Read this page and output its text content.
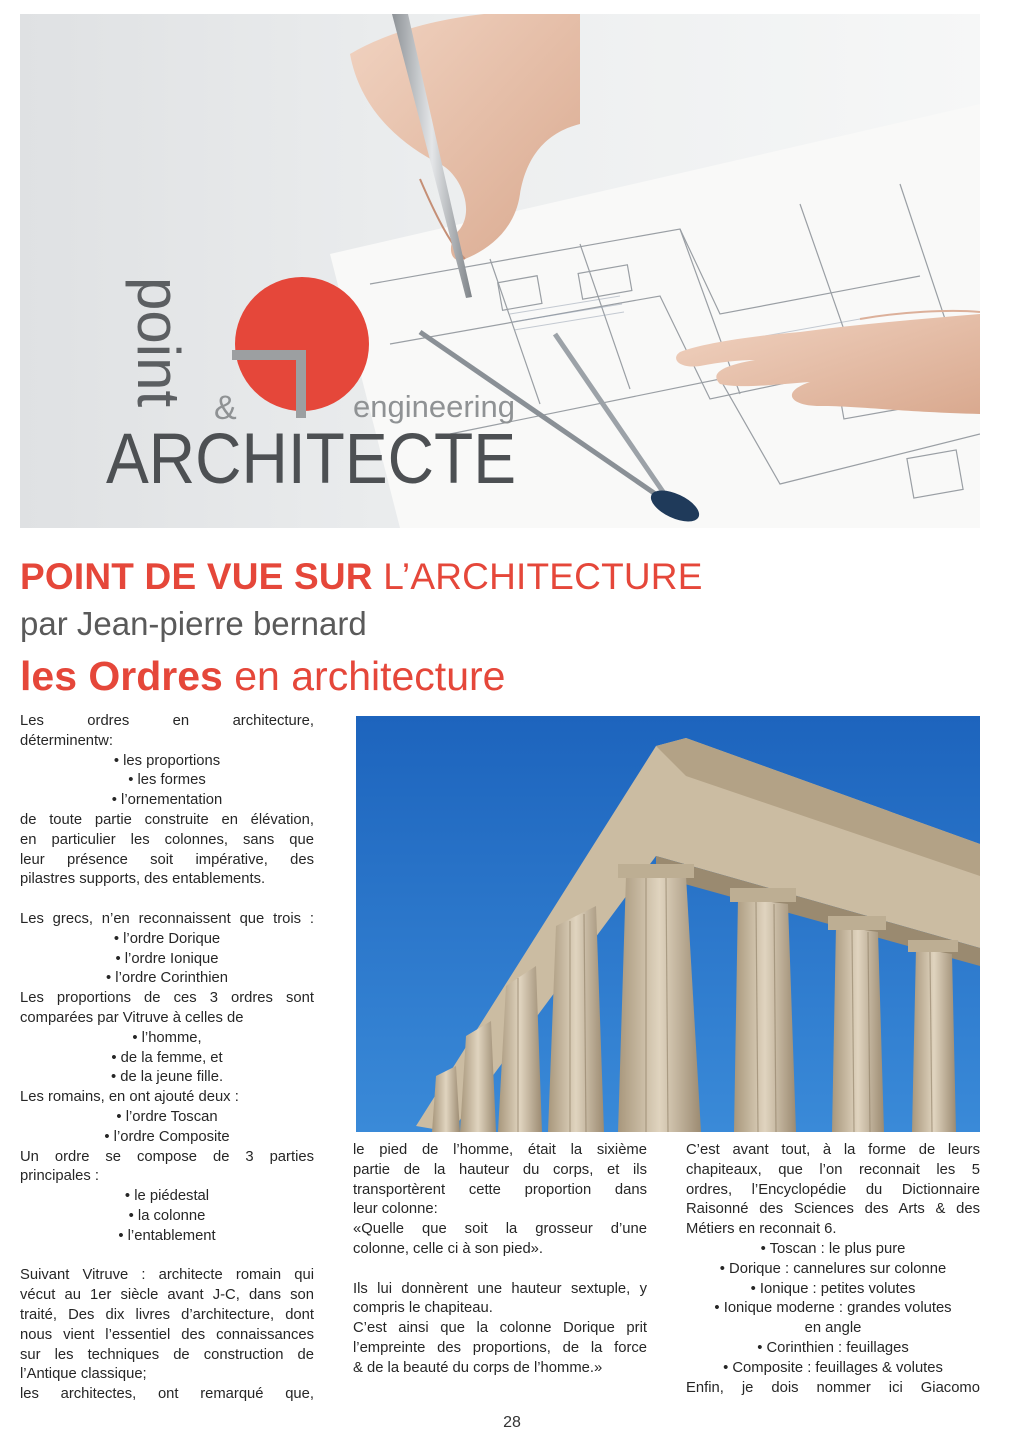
point
&	engineering
ARCHITECTE
POINT DE VUE SUR L’ARCHITECTURE
par Jean-pierre bernard
les Ordres en architecture

Les ordres en architecture,

déterminentw:

• les proportions

• les formes

• l’ornementation

de toute partie construite en élévation,

en particulier les colonnes, sans que

leur présence soit impérative, des

pilastres supports, des entablements.

Les grecs, n’en reconnaissent que trois :

• l’ordre Dorique

• l’ordre Ionique

• l’ordre Corinthien

Les proportions de ces 3 ordres sont

comparées par Vitruve à celles de

• l’homme,

• de la femme, et

• de la jeune fille.

Les romains, en ont ajouté deux :

• l’ordre Toscan

• l’ordre Composite

Un ordre se compose de 3 parties

principales :

• le piédestal

• la colonne

• l’entablement

Suivant Vitruve : architecte romain qui

vécut au 1er siècle avant J-C, dans son

traité, Des dix livres d’architecture, dont

nous vient l’essentiel des connaissances

sur les techniques de construction de

l’Antique classique;

les architectes, ont remarqué que,

le pied de l’homme, était la sixième

partie de la hauteur du corps, et ils

transportèrent cette proportion dans

leur colonne:

«Quelle que soit la grosseur d’une

colonne, celle ci à son pied».

Ils lui donnèrent une hauteur sextuple, y

compris le chapiteau.

C’est ainsi que la colonne Dorique prit

l’empreinte des proportions, de la force

& de la beauté du corps de l’homme.»

C’est avant tout, à la forme de leurs

chapiteaux, que l’on reconnait les 5

ordres, l’Encyclopédie du Dictionnaire

Raisonné des Sciences des Arts & des

Métiers en reconnait 6.

• Toscan : le plus pure

• Dorique : cannelures sur colonne

• Ionique : petites volutes

• Ionique moderne : grandes volutes

en angle

• Corinthien : feuillages

• Composite : feuillages & volutes

Enfin, je dois nommer ici Giacomo

28
